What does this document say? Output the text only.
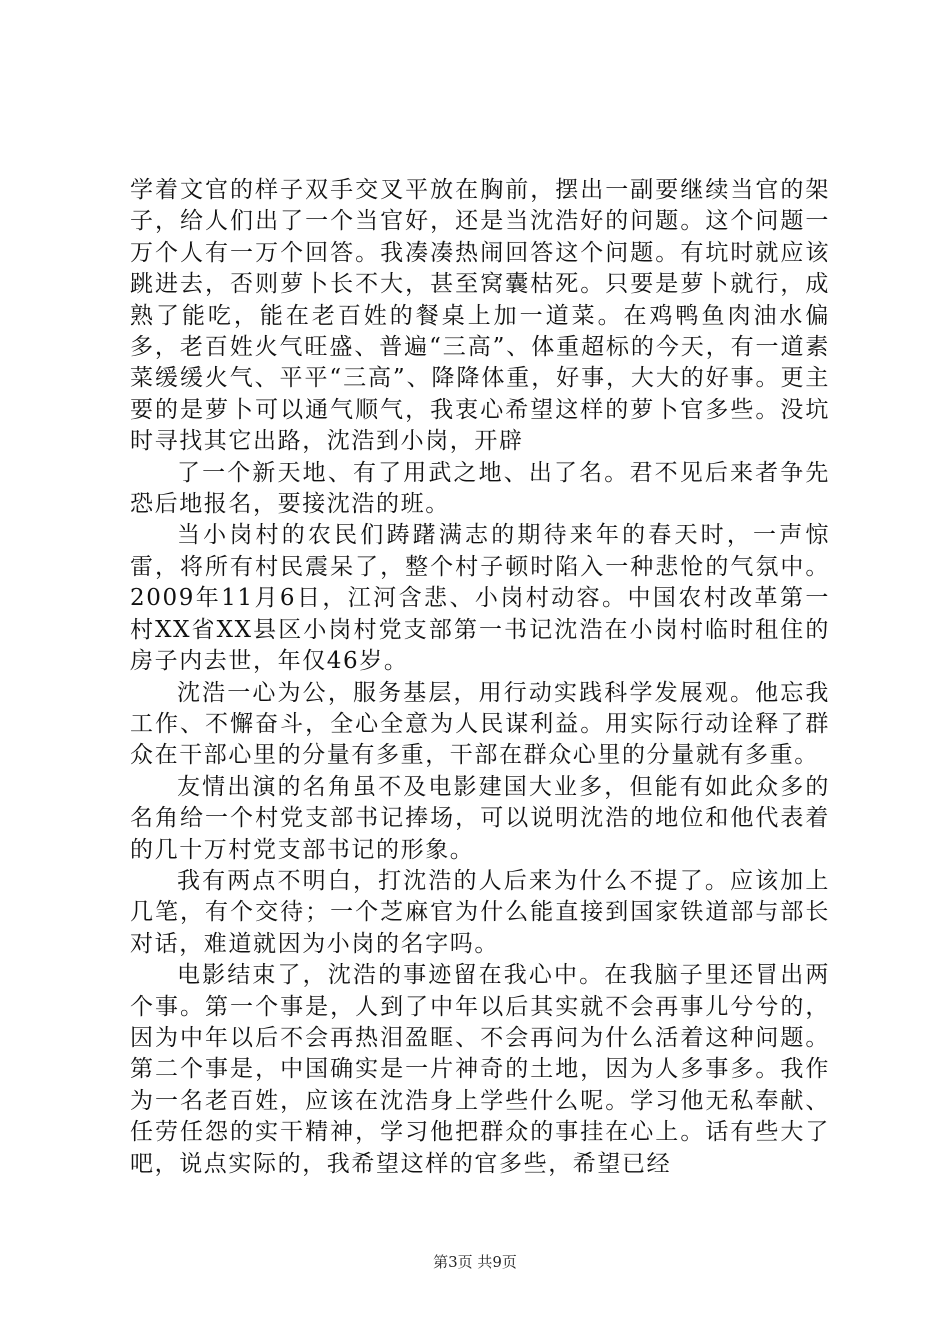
学着文官的样子双手交叉平放在胸前，摆出一副要继续当官的架子，给人们出了一个当官好，还是当沈浩好的问题。这个问题一万个人有一万个回答。我凑凑热闹回答这个问题。有坑时就应该跳进去，否则萝卜长不大，甚至窝囊枯死。只要是萝卜就行，成熟了能吃，能在老百姓的餐桌上加一道菜。在鸡鸭鱼肉油水偏多，老百姓火气旺盛、普遍“三高”、体重超标的今天，有一道素菜缓缓火气、平平“三高”、降降体重，好事，大大的好事。更主要的是萝卜可以通气顺气，我衷心希望这样的萝卜官多些。没坑时寻找其它出路，沈浩到小岗，开辟

了一个新天地、有了用武之地、出了名。君不见后来者争先恐后地报名，要接沈浩的班。

当小岗村的农民们踌躇满志的期待来年的春天时，一声惊雷，将所有村民震呆了，整个村子顿时陷入一种悲怆的气氛中。2009年11月6日，江河含悲、小岗村动容。中国农村改革第一村XX省XX县区小岗村党支部第一书记沈浩在小岗村临时租住的房子内去世，年仅46岁。

沈浩一心为公，服务基层，用行动实践科学发展观。他忘我工作、不懈奋斗，全心全意为人民谋利益。用实际行动诠释了群众在干部心里的分量有多重，干部在群众心里的分量就有多重。

友情出演的名角虽不及电影建国大业多，但能有如此众多的名角给一个村党支部书记捧场，可以说明沈浩的地位和他代表着的几十万村党支部书记的形象。

我有两点不明白，打沈浩的人后来为什么不提了。应该加上几笔，有个交待；一个芝麻官为什么能直接到国家铁道部与部长对话，难道就因为小岗的名字吗。

电影结束了，沈浩的事迹留在我心中。在我脑子里还冒出两个事。第一个事是，人到了中年以后其实就不会再事儿兮兮的，因为中年以后不会再热泪盈眶、不会再问为什么活着这种问题。第二个事是，中国确实是一片神奇的土地，因为人多事多。我作为一名老百姓，应该在沈浩身上学些什么呢。学习他无私奉献、任劳任怨的实干精神，学习他把群众的事挂在心上。话有些大了吧，说点实际的，我希望这样的官多些，希望已经

第3页 共9页
